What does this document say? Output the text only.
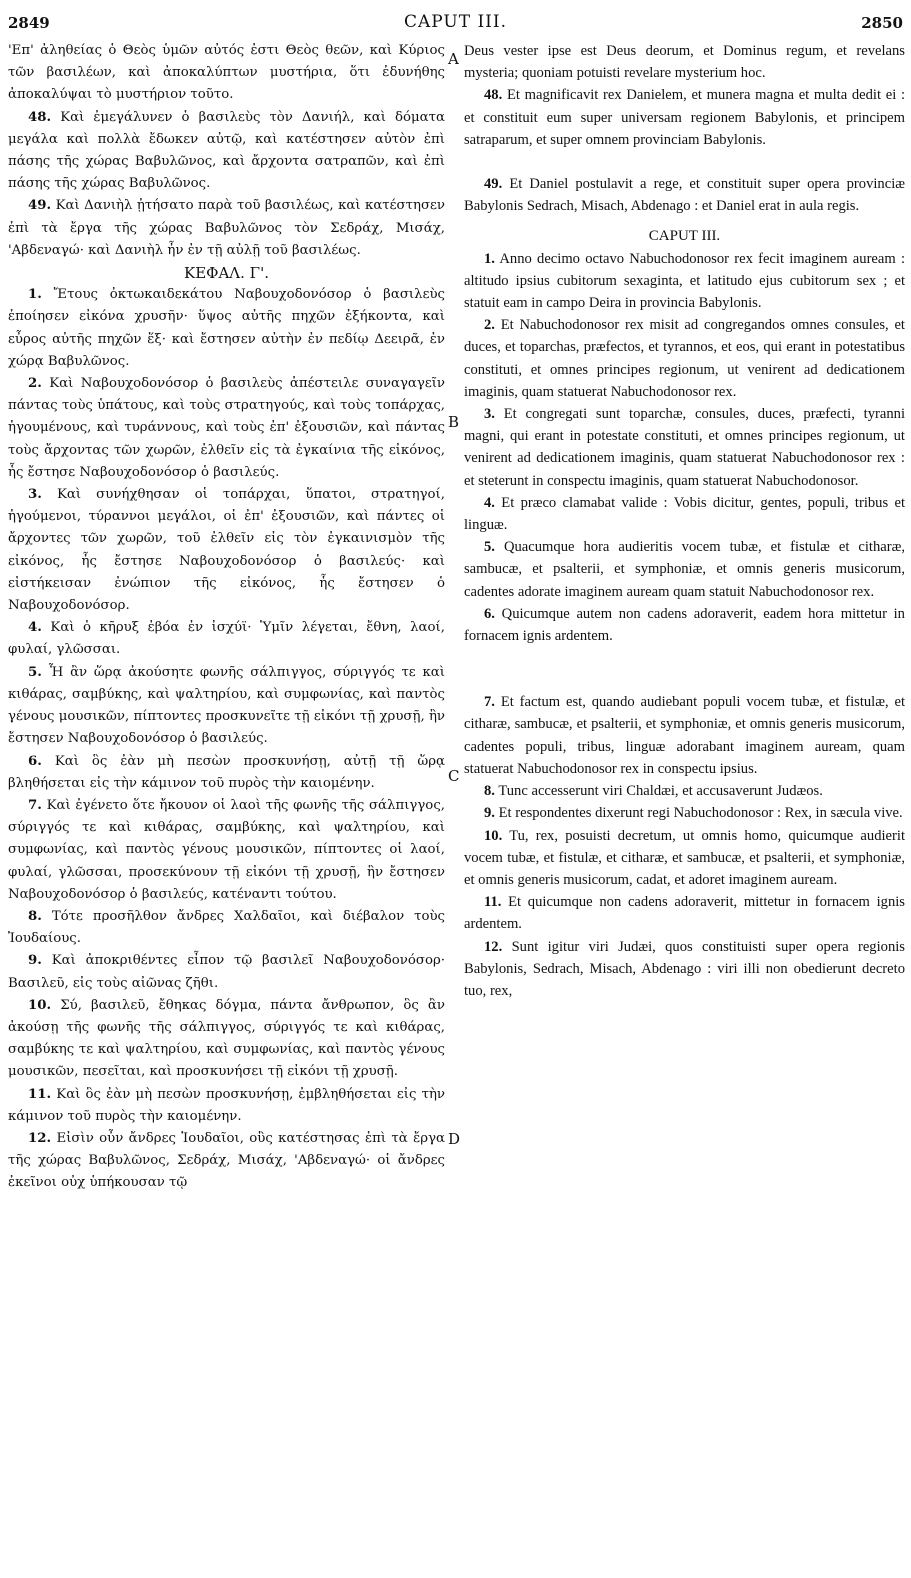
2849	CAPUT III.	2850
A
B
C
D

'Επ' ἀληθείας ὁ Θεὸς ὑμῶν αὐτός ἐστι Θεὸς θεῶν, καὶ Κύριος τῶν βασιλέων, καὶ ἀποκαλύπτων μυστήρια, ὅτι ἐδυνήθης ἀποκαλύψαι τὸ μυστήριον τοῦτο.

48. Καὶ ἐμεγάλυνεν ὁ βασιλεὺς τὸν Δανιήλ, καὶ δόματα μεγάλα καὶ πολλὰ ἔδωκεν αὐτῷ, καὶ κατέστησεν αὐτὸν ἐπὶ πάσης τῆς χώρας Βαβυλῶνος, καὶ ἄρχοντα σατραπῶν, καὶ ἐπὶ πάσης τῆς χώρας Βαβυλῶνος.

49. Καὶ Δανιὴλ ᾐτήσατο παρὰ τοῦ βασιλέως, καὶ κατέστησεν ἐπὶ τὰ ἔργα τῆς χώρας Βαβυλῶνος τὸν Σεδράχ, Μισάχ, 'Αβδεναγώ· καὶ Δανιὴλ ἦν ἐν τῇ αὐλῇ τοῦ βασιλέως.

ΚΕΦΑΛ. Γ'.

1. Ἔτους ὀκτωκαιδεκάτου Ναβουχοδονόσορ ὁ βασιλεὺς ἐποίησεν εἰκόνα χρυσῆν· ὕψος αὐτῆς πηχῶν ἑξήκοντα, καὶ εὖρος αὐτῆς πηχῶν ἕξ· καὶ ἔστησεν αὐτὴν ἐν πεδίῳ Δεειρᾶ, ἐν χώρᾳ Βαβυλῶνος.

2. Καὶ Ναβουχοδονόσορ ὁ βασιλεὺς ἀπέστειλε συναγαγεῖν πάντας τοὺς ὑπάτους, καὶ τοὺς στρατηγούς, καὶ τοὺς τοπάρχας, ἡγουμένους, καὶ τυράννους, καὶ τοὺς ἐπ' ἐξουσιῶν, καὶ πάντας τοὺς ἄρχοντας τῶν χωρῶν, ἐλθεῖν εἰς τὰ ἐγκαίνια τῆς εἰκόνος, ἧς ἔστησε Ναβουχοδονόσορ ὁ βασιλεύς.

3. Καὶ συνήχθησαν οἱ τοπάρχαι, ὕπατοι, στρατηγοί, ἡγούμενοι, τύραννοι μεγάλοι, οἱ ἐπ' ἐξουσιῶν, καὶ πάντες οἱ ἄρχοντες τῶν χωρῶν, τοῦ ἐλθεῖν εἰς τὸν ἐγκαινισμὸν τῆς εἰκόνος, ἧς ἔστησε Ναβουχοδονόσορ ὁ βασιλεύς· καὶ εἱστήκεισαν ἐνώπιον τῆς εἰκόνος, ἧς ἔστησεν ὁ Ναβουχοδονόσορ.

4. Καὶ ὁ κῆρυξ ἐβόα ἐν ἰσχύϊ· Ὑμῖν λέγεται, ἔθνη, λαοί, φυλαί, γλῶσσαι.

5. Ἧ ἂν ὥρᾳ ἀκούσητε φωνῆς σάλπιγγος, σύριγγός τε καὶ κιθάρας, σαμβύκης, καὶ ψαλτηρίου, καὶ συμφωνίας, καὶ παντὸς γένους μουσικῶν, πίπτοντες προσκυνεῖτε τῇ εἰκόνι τῇ χρυσῇ, ἣν ἔστησεν Ναβουχοδονόσορ ὁ βασιλεύς.

6. Καὶ ὃς ἐὰν μὴ πεσὼν προσκυνήσῃ, αὐτῇ τῇ ὥρᾳ βληθήσεται εἰς τὴν κάμινον τοῦ πυρὸς τὴν καιομένην.

7. Καὶ ἐγένετο ὅτε ἤκουον οἱ λαοὶ τῆς φωνῆς τῆς σάλπιγγος, σύριγγός τε καὶ κιθάρας, σαμβύκης, καὶ ψαλτηρίου, καὶ συμφωνίας, καὶ παντὸς γένους μουσικῶν, πίπτοντες οἱ λαοί, φυλαί, γλῶσσαι, προσεκύνουν τῇ εἰκόνι τῇ χρυσῇ, ἣν ἔστησεν Ναβουχοδονόσορ ὁ βασιλεύς, κατέναντι τούτου.

8. Τότε προσῆλθον ἄνδρες Χαλδαῖοι, καὶ διέβαλον τοὺς Ἰουδαίους.

9. Καὶ ἀποκριθέντες εἶπον τῷ βασιλεῖ Ναβουχοδονόσορ· Βασιλεῦ, εἰς τοὺς αἰῶνας ζῆθι.

10. Σύ, βασιλεῦ, ἔθηκας δόγμα, πάντα ἄνθρωπον, ὃς ἂν ἀκούσῃ τῆς φωνῆς τῆς σάλπιγγος, σύριγγός τε καὶ κιθάρας, σαμβύκης τε καὶ ψαλτηρίου, καὶ συμφωνίας, καὶ παντὸς γένους μουσικῶν, πεσεῖται, καὶ προσκυνήσει τῇ εἰκόνι τῇ χρυσῇ.

11. Καὶ ὃς ἐὰν μὴ πεσὼν προσκυνήσῃ, ἐμβληθήσεται εἰς τὴν κάμινον τοῦ πυρὸς τὴν καιομένην.

12. Εἰσὶν οὖν ἄνδρες Ἰουδαῖοι, οὓς κατέστησας ἐπὶ τὰ ἔργα τῆς χώρας Βαβυλῶνος, Σεδράχ, Μισάχ, 'Αβδεναγώ· οἱ ἄνδρες ἐκεῖνοι οὐχ ὑπήκουσαν τῷ

Deus vester ipse est Deus deorum, et Dominus regum, et revelans mysteria; quoniam potuisti revelare mysterium hoc.

48. Et magnificavit rex Danielem, et munera magna et multa dedit ei : et constituit eum super universam regionem Babylonis, et principem satraparum, et super omnem provinciam Babylonis.

49. Et Daniel postulavit a rege, et constituit super opera provinciæ Babylonis Sedrach, Misach, Abdenago : et Daniel erat in aula regis.

CAPUT III.

1. Anno decimo octavo Nabuchodonosor rex fecit imaginem auream : altitudo ipsius cubitorum sexaginta, et latitudo ejus cubitorum sex ; et statuit eam in campo Deira in provincia Babylonis.

2. Et Nabuchodonosor rex misit ad congregandos omnes consules, et duces, et toparchas, præfectos, et tyrannos, et eos, qui erant in potestatibus constituti, et omnes principes regionum, ut venirent ad dedicationem imaginis, quam statuerat Nabuchodonosor rex.

3. Et congregati sunt toparchæ, consules, duces, præfecti, tyranni magni, qui erant in potestate constituti, et omnes principes regionum, ut venirent ad dedicationem imaginis, quam statuerat Nabuchodonosor rex : et steterunt in conspectu imaginis, quam statuerat Nabuchodonosor.

4. Et præco clamabat valide : Vobis dicitur, gentes, populi, tribus et linguæ.

5. Quacumque hora audieritis vocem tubæ, et fistulæ et citharæ, sambucæ, et psalterii, et symphoniæ, et omnis generis musicorum, cadentes adorate imaginem auream quam statuit Nabuchodonosor rex.

6. Quicumque autem non cadens adoraverit, eadem hora mittetur in fornacem ignis ardentem.

7. Et factum est, quando audiebant populi vocem tubæ, et fistulæ, et citharæ, sambucæ, et psalterii, et symphoniæ, et omnis generis musicorum, cadentes populi, tribus, linguæ adorabant imaginem auream, quam statuerat Nabuchodonosor rex in conspectu ipsius.

8. Tunc accesserunt viri Chaldæi, et accusaverunt Judæos.

9. Et respondentes dixerunt regi Nabuchodonosor : Rex, in sæcula vive.

10. Tu, rex, posuisti decretum, ut omnis homo, quicumque audierit vocem tubæ, et fistulæ, et citharæ, et sambucæ, et psalterii, et symphoniæ, et omnis generis musicorum, cadat, et adoret imaginem auream.

11. Et quicumque non cadens adoraverit, mittetur in fornacem ignis ardentem.

12. Sunt igitur viri Judæi, quos constituisti super opera regionis Babylonis, Sedrach, Misach, Abdenago : viri illi non obedierunt decreto tuo, rex,
